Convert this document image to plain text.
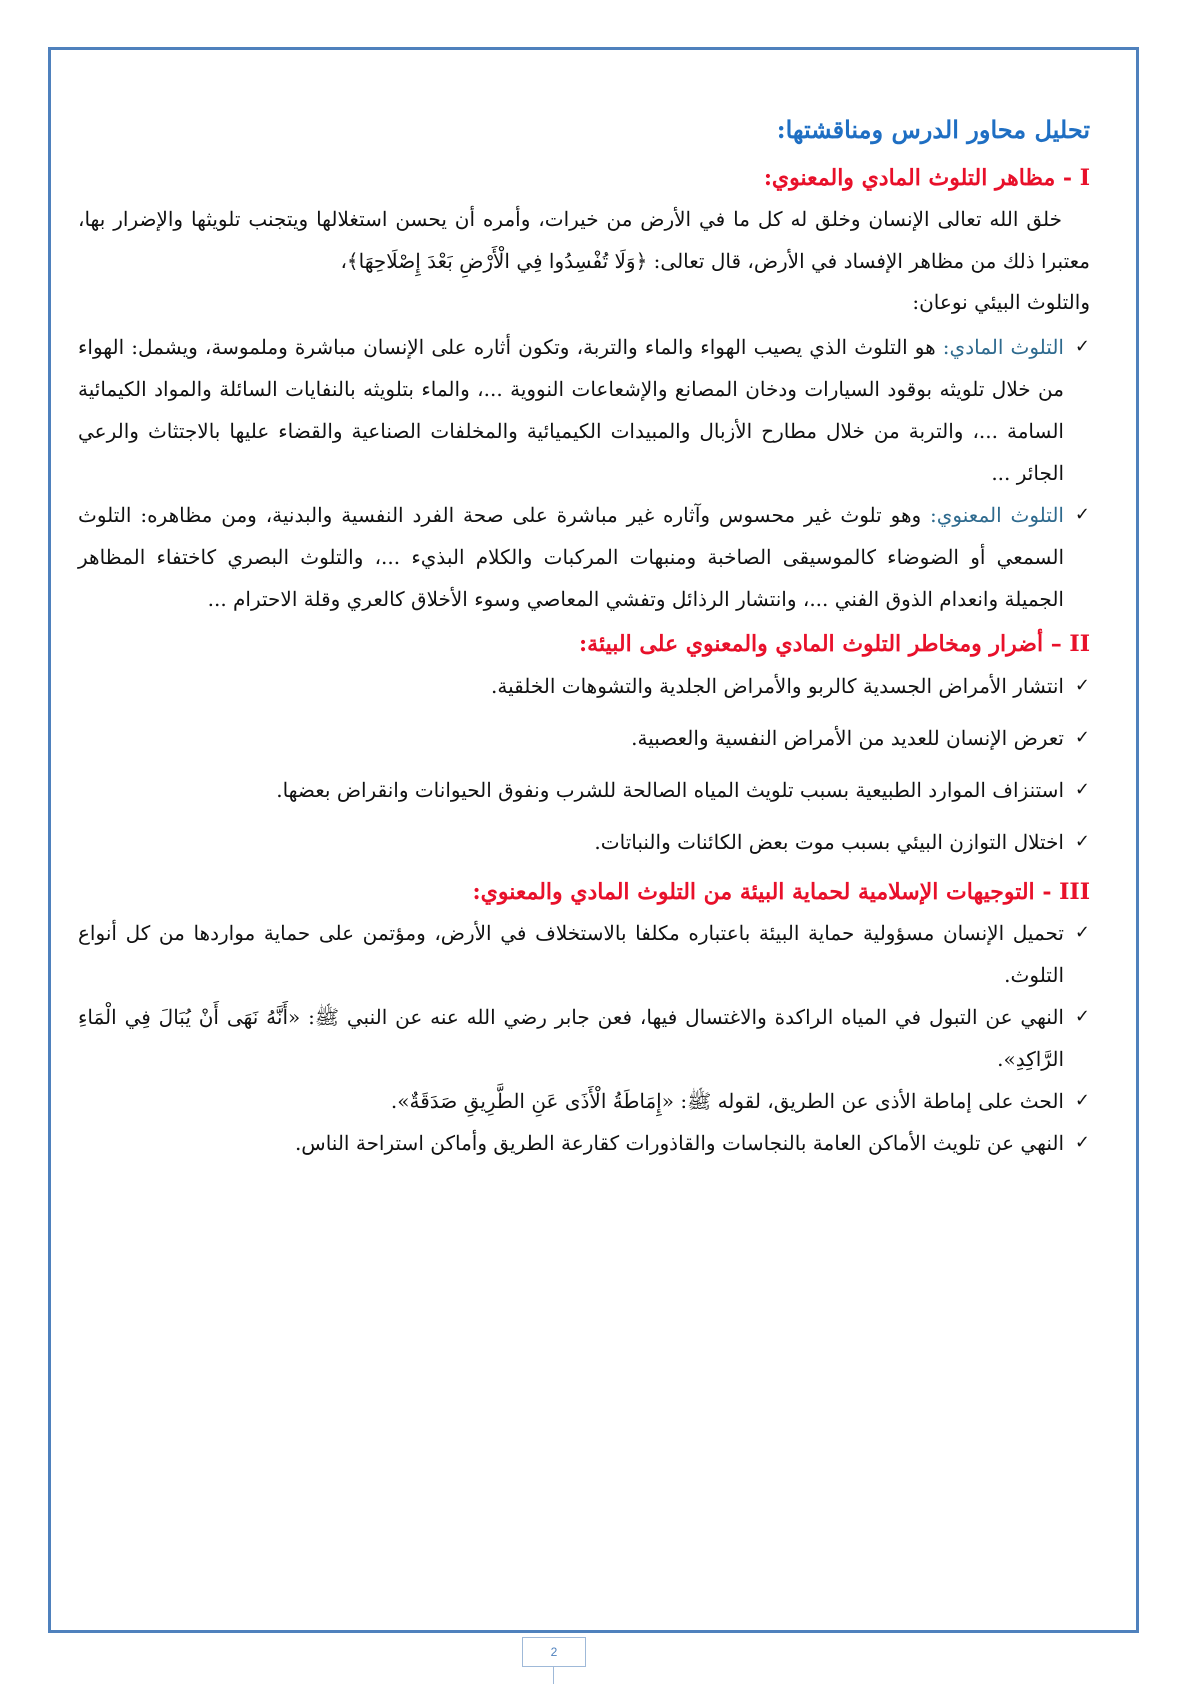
تحليل محاور الدرس ومناقشتها:
I - مظاهر التلوث المادي والمعنوي:

خلق الله تعالى الإنسان وخلق له كل ما في الأرض من خيرات، وأمره أن يحسن استغلالها ويتجنب تلويثها والإضرار بها، معتبرا ذلك من مظاهر الإفساد في الأرض، قال تعالى: ﴿وَلَا تُفْسِدُوا فِي الْأَرْضِ بَعْدَ إِصْلَاحِهَا﴾،

والتلوث البيئي نوعان:

✓
التلوث المادي: هو التلوث الذي يصيب الهواء والماء والتربة، وتكون أثاره على الإنسان مباشرة وملموسة، ويشمل: الهواء من خلال تلويثه بوقود السيارات ودخان المصانع والإشعاعات النووية ...، والماء بتلويثه بالنفايات السائلة والمواد الكيمائية السامة ...، والتربة من خلال مطارح الأزبال والمبيدات الكيميائية والمخلفات الصناعية والقضاء عليها بالاجتثاث والرعي الجائر ...
✓
التلوث المعنوي: وهو تلوث غير محسوس وآثاره غير مباشرة على صحة الفرد النفسية والبدنية، ومن مظاهره: التلوث السمعي أو الضوضاء كالموسيقى الصاخبة ومنبهات المركبات والكلام البذيء ...، والتلوث البصري كاختفاء المظاهر الجميلة وانعدام الذوق الفني ...، وانتشار الرذائل وتفشي المعاصي وسوء الأخلاق كالعري وقلة الاحترام ...
II – أضرار ومخاطر التلوث المادي والمعنوي على البيئة:
✓
انتشار الأمراض الجسدية كالربو والأمراض الجلدية والتشوهات الخلقية.
✓
تعرض الإنسان للعديد من الأمراض النفسية والعصبية.
✓
استنزاف الموارد الطبيعية بسبب تلويث المياه الصالحة للشرب ونفوق الحيوانات وانقراض بعضها.
✓
اختلال التوازن البيئي بسبب موت بعض الكائنات والنباتات.
III - التوجيهات الإسلامية لحماية البيئة من التلوث المادي والمعنوي:
✓
تحميل الإنسان مسؤولية حماية البيئة باعتباره مكلفا بالاستخلاف في الأرض، ومؤتمن على حماية مواردها من كل أنواع التلوث.
✓
النهي عن التبول في المياه الراكدة والاغتسال فيها، فعن جابر رضي الله عنه عن النبي ﷺ: «أَنَّهُ نَهَى أَنْ يُبَالَ فِي الْمَاءِ الرَّاكِدِ».
✓
الحث على إماطة الأذى عن الطريق، لقوله ﷺ: «إِمَاطَةُ الْأَذَى عَنِ الطَّرِيقِ صَدَقَةٌ».
✓
النهي عن تلويث الأماكن العامة بالنجاسات والقاذورات كقارعة الطريق وأماكن استراحة الناس.
2
